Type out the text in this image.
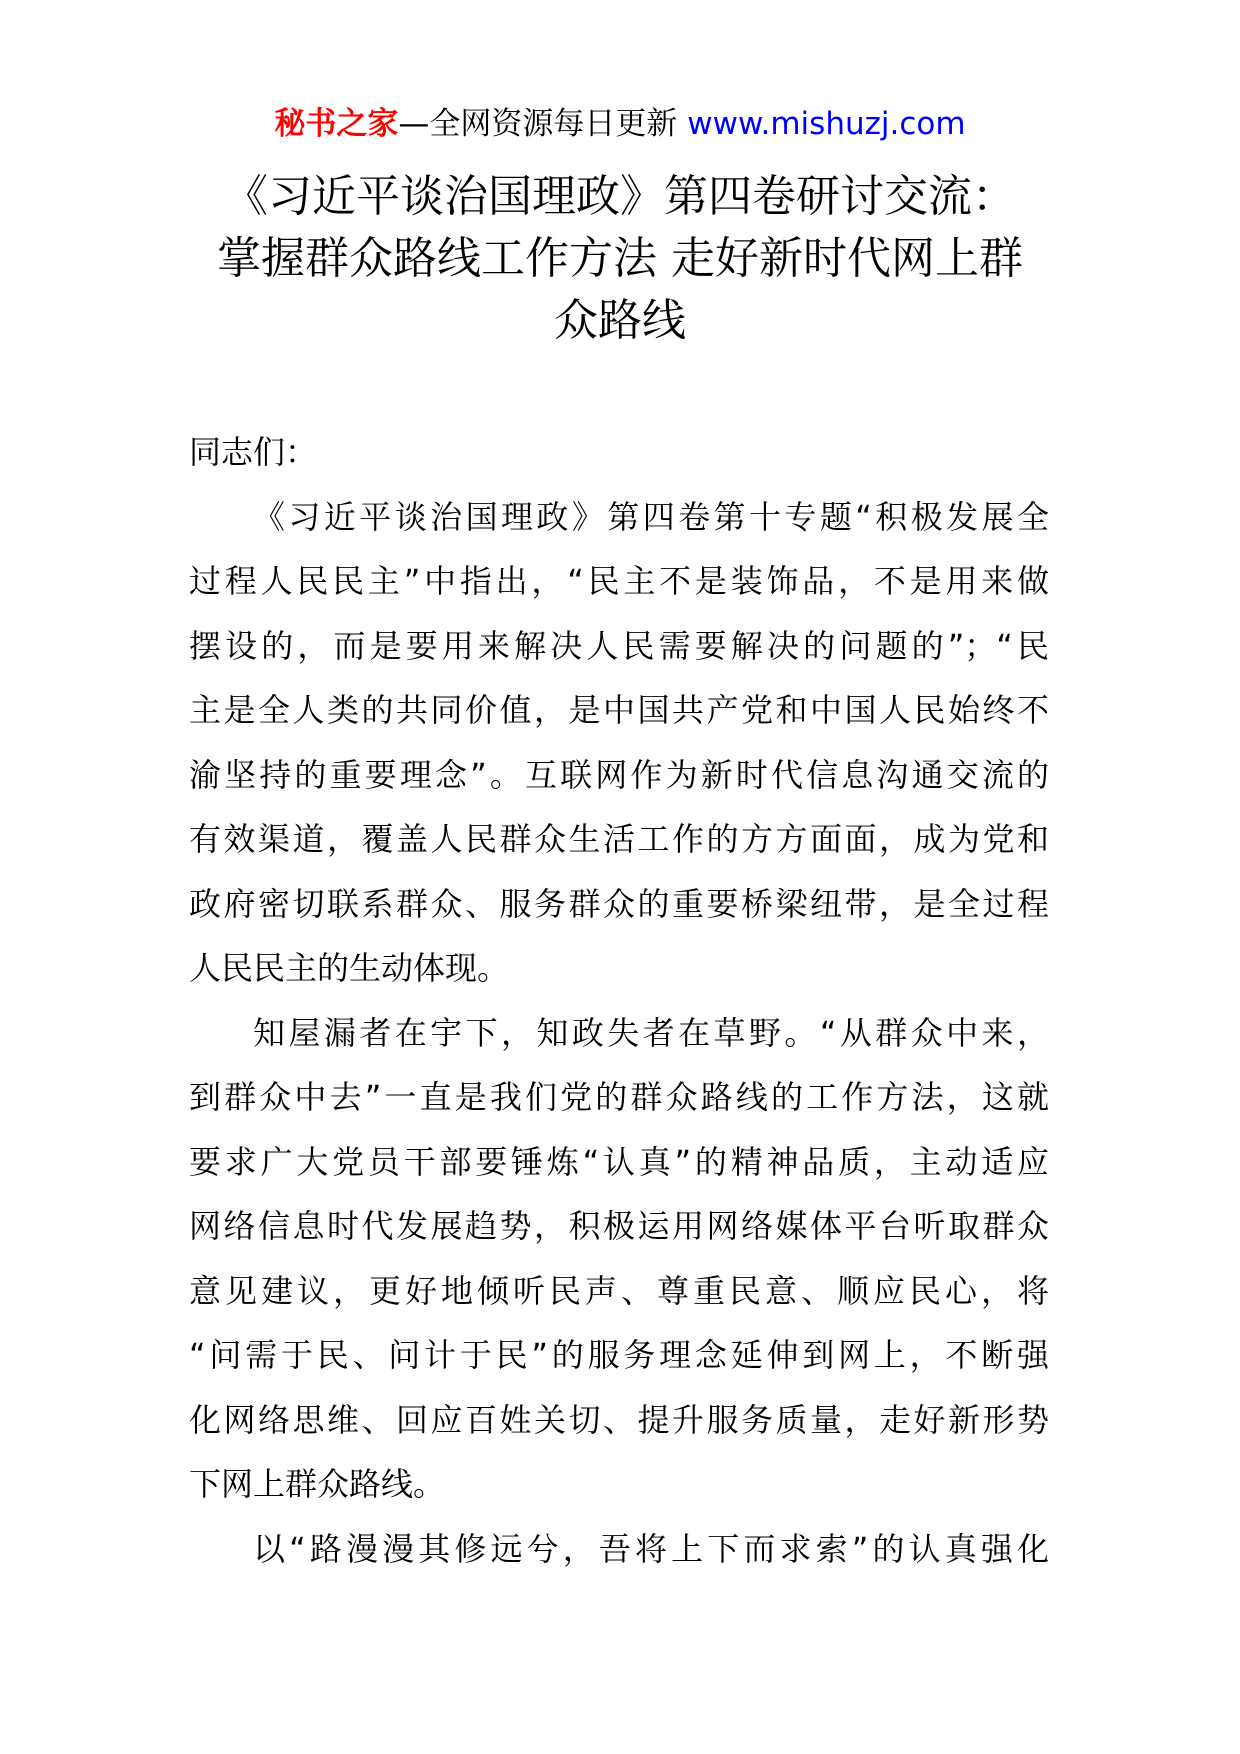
秘书之家—全网资源每日更新 www.mishuzj.com
《习近平谈治国理政》第四卷研讨交流：
掌握群众路线工作方法 走好新时代网上群
众路线

同志们：

《习近平谈治国理政》第四卷第十专题“积极发展全
过程人民民主”中指出，“民主不是装饰品，不是用来做
摆设的，而是要用来解决人民需要解决的问题的”；“民
主是全人类的共同价值，是中国共产党和中国人民始终不
渝坚持的重要理念”。互联网作为新时代信息沟通交流的
有效渠道，覆盖人民群众生活工作的方方面面，成为党和
政府密切联系群众、服务群众的重要桥梁纽带，是全过程
人民民主的生动体现。
知屋漏者在宇下，知政失者在草野。“从群众中来，
到群众中去”一直是我们党的群众路线的工作方法，这就
要求广大党员干部要锤炼“认真”的精神品质，主动适应
网络信息时代发展趋势，积极运用网络媒体平台听取群众
意见建议，更好地倾听民声、尊重民意、顺应民心，将
“问需于民、问计于民”的服务理念延伸到网上，不断强
化网络思维、回应百姓关切、提升服务质量，走好新形势
下网上群众路线。
以“路漫漫其修远兮，吾将上下而求索”的认真强化
